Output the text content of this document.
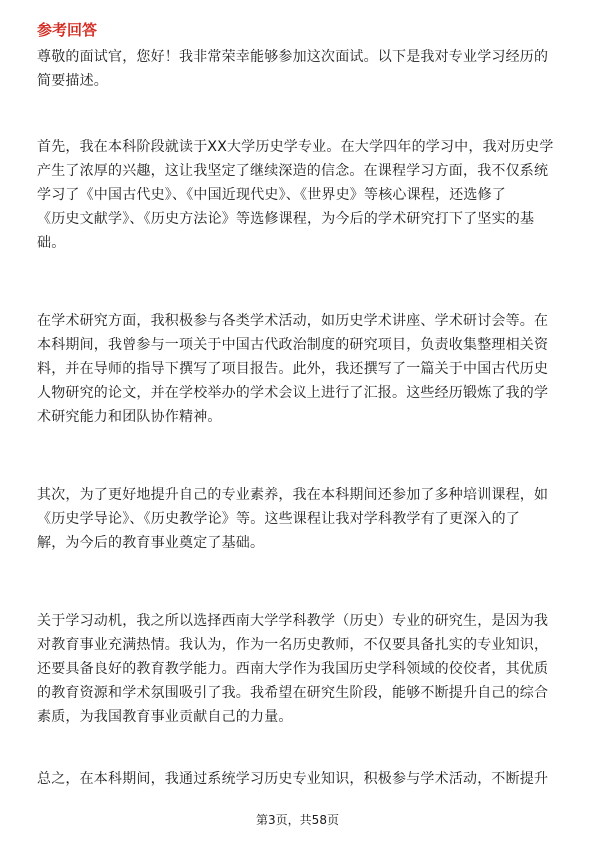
参考回答

尊敬的面试官，您好！我非常荣幸能够参加这次面试。以下是我对专业学习经历的
简要描述。

首先，我在本科阶段就读于XX大学历史学专业。在大学四年的学习中，我对历史学
产生了浓厚的兴趣，这让我坚定了继续深造的信念。在课程学习方面，我不仅系统
学习了《中国古代史》、《中国近现代史》、《世界史》等核心课程，还选修了
《历史文献学》、《历史方法论》等选修课程，为今后的学术研究打下了坚实的基
础。

在学术研究方面，我积极参与各类学术活动，如历史学术讲座、学术研讨会等。在
本科期间，我曾参与一项关于中国古代政治制度的研究项目，负责收集整理相关资
料，并在导师的指导下撰写了项目报告。此外，我还撰写了一篇关于中国古代历史
人物研究的论文，并在学校举办的学术会议上进行了汇报。这些经历锻炼了我的学
术研究能力和团队协作精神。

其次，为了更好地提升自己的专业素养，我在本科期间还参加了多种培训课程，如
《历史学导论》、《历史教学论》等。这些课程让我对学科教学有了更深入的了
解，为今后的教育事业奠定了基础。

关于学习动机，我之所以选择西南大学学科教学（历史）专业的研究生，是因为我
对教育事业充满热情。我认为，作为一名历史教师，不仅要具备扎实的专业知识，
还要具备良好的教育教学能力。西南大学作为我国历史学科领域的佼佼者，其优质
的教育资源和学术氛围吸引了我。我希望在研究生阶段，能够不断提升自己的综合
素质，为我国教育事业贡献自己的力量。

总之，在本科期间，我通过系统学习历史专业知识，积极参与学术活动，不断提升

第3页，共58页
